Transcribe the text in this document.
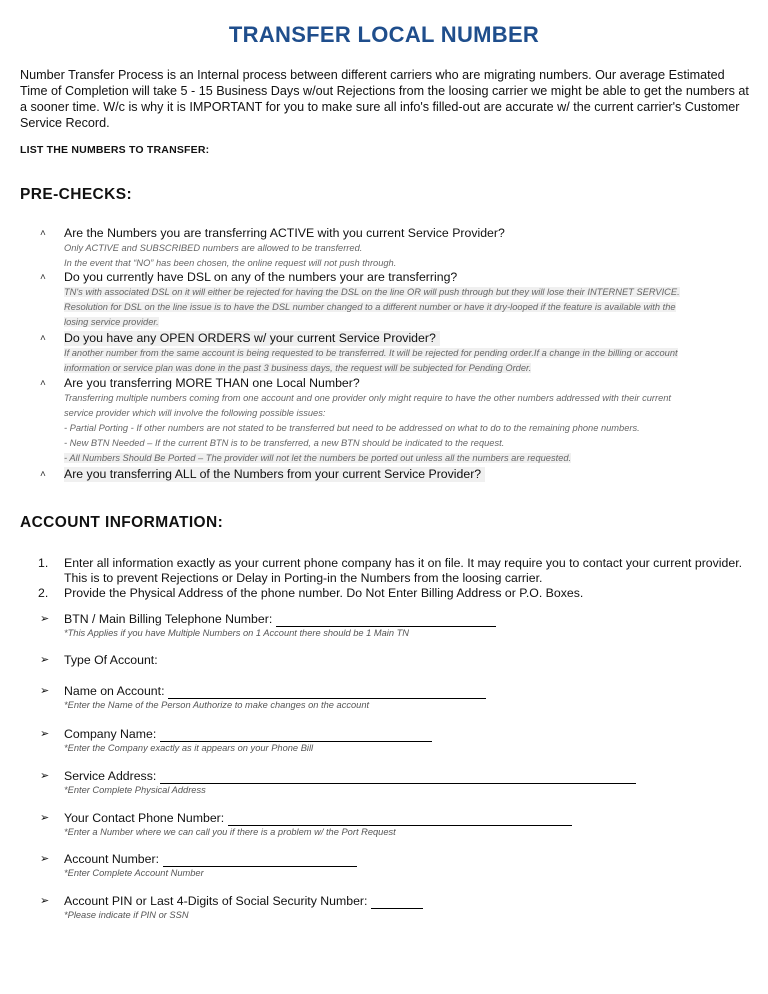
TRANSFER LOCAL NUMBER
Number Transfer Process is an Internal process between different carriers who are migrating numbers. Our average Estimated Time of Completion will take 5 - 15 Business Days w/out Rejections from the loosing carrier we might be able to get the numbers at a sooner time. W/c is why it is IMPORTANT for you to make sure all info's filled-out are accurate w/ the current carrier's Customer Service Record.
LIST THE NUMBERS TO TRANSFER:
PRE-CHECKS:
˄	Are the Numbers you are transferring ACTIVE with you current Service Provider?
Only ACTIVE and SUBSCRIBED numbers are allowed to be transferred.
In the event that “NO” has been chosen, the online request will not push through.
˄	Do you currently have DSL on any of the numbers your are transferring?
TN's with associated DSL on it will either be rejected for having the DSL on the line OR will push through but they will lose their INTERNET SERVICE.
Resolution for DSL on the line issue is to have the DSL number changed to a different number or have it dry-looped if the feature is available with the
losing service provider.
˄	Do you have any OPEN ORDERS w/ your current Service Provider?
If another number from the same account is being requested to be transferred. It will be rejected for pending order.If a change in the billing or account
information or service plan was done in the past 3 business days, the request will be subjected for Pending Order.
˄	Are you transferring MORE THAN one Local Number?
Transferring multiple numbers coming from one account and one provider only might require to have the other numbers addressed with their current
service provider which will involve the following possible issues:
- Partial Porting - If other numbers are not stated to be transferred but need to be addressed on what to do to the remaining phone numbers.
- New BTN Needed – If the current BTN is to be transferred, a new BTN should be indicated to the request.
- All Numbers Should Be Ported – The provider will not let the numbers be ported out unless all the numbers are requested.
˄	Are you transferring ALL of the Numbers from your current Service Provider?
ACCOUNT INFORMATION:
1.	Enter all information exactly as your current phone company has it on file. It may require you to contact your current provider. This is to prevent Rejections or Delay in Porting-in the Numbers from the loosing carrier.
2.	Provide the Physical Address of the phone number. Do Not Enter Billing Address or P.O. Boxes.
➢	BTN / Main Billing Telephone Number:
*This Applies if you have Multiple Numbers on 1 Account there should be 1 Main TN
➢	Type Of Account:
➢	Name on Account:
*Enter the Name of the Person Authorize to make changes on the account
➢	Company Name:
*Enter the Company exactly as it appears on your Phone Bill
➢	Service Address:
*Enter Complete Physical Address
➢	Your Contact Phone Number:
*Enter a Number where we can call you if there is a problem w/ the Port Request
➢	Account Number:
*Enter Complete Account Number
➢	Account PIN or Last 4-Digits of Social Security Number:
*Please indicate if PIN or SSN
